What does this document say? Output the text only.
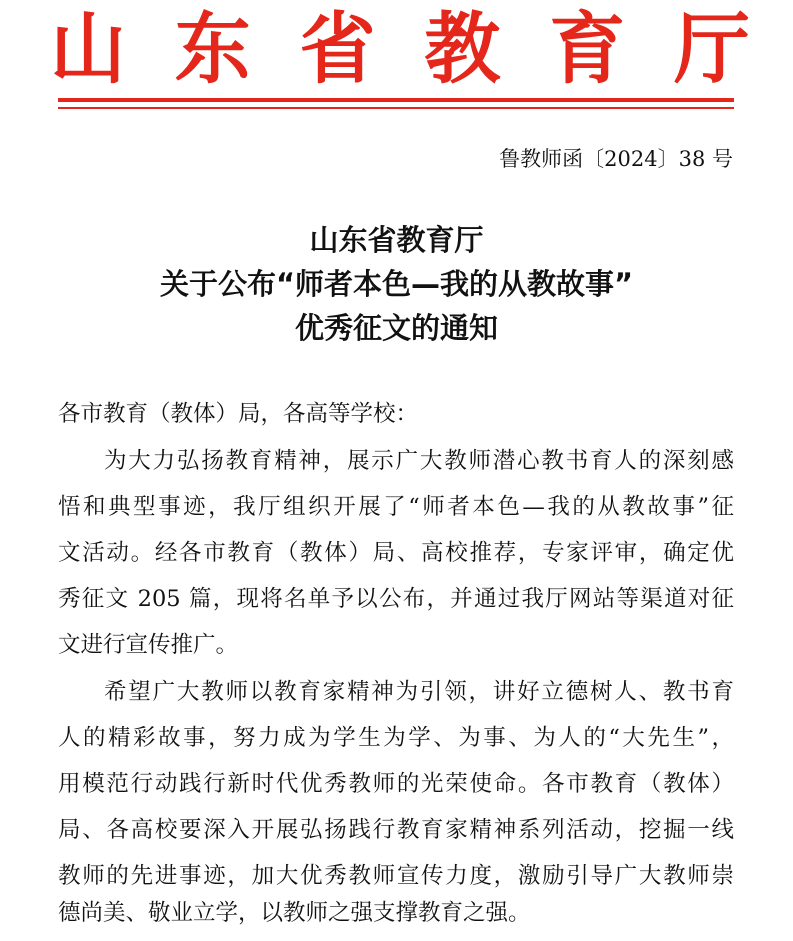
山 东 省 教 育 厅
鲁教师函〔2024〕38 号
山东省教育厅
关于公布“师者本色—我的从教故事”
优秀征文的通知
各市教育（教体）局，各高等学校：
为大力弘扬教育精神，展示广大教师潜心教书育人的深刻感
悟和典型事迹，我厅组织开展了“师者本色—我的从教故事”征
文活动。经各市教育（教体）局、高校推荐，专家评审，确定优
秀征文 205 篇，现将名单予以公布，并通过我厅网站等渠道对征
文进行宣传推广。
希望广大教师以教育家精神为引领，讲好立德树人、教书育
人的精彩故事，努力成为学生为学、为事、为人的“大先生”，
用模范行动践行新时代优秀教师的光荣使命。各市教育（教体）
局、各高校要深入开展弘扬践行教育家精神系列活动，挖掘一线
教师的先进事迹，加大优秀教师宣传力度，激励引导广大教师崇
德尚美、敬业立学，以教师之强支撑教育之强。
